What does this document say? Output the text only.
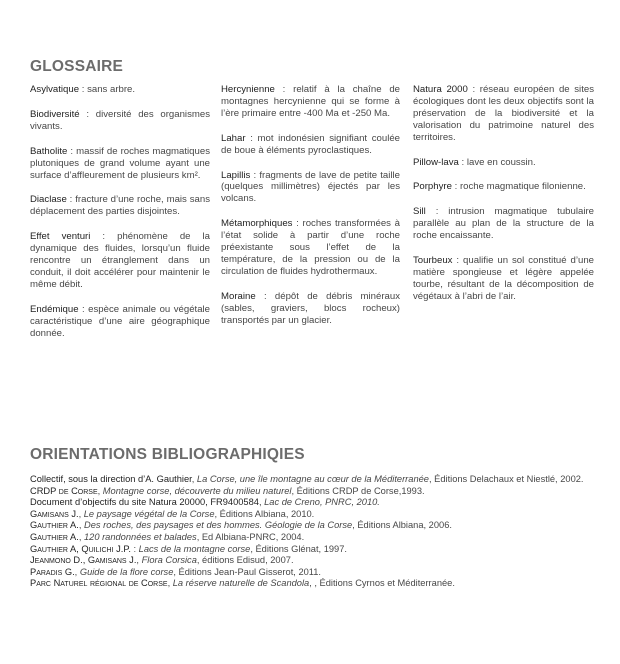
GLOSSAIRE

Asylvatique : sans arbre.

Biodiversité : diversité des organismes vivants.

Batholite : massif de roches magmatiques plutoniques de grand volume ayant une surface d’affleurement de plusieurs km².

Diaclase : fracture d’une roche, mais sans déplacement des parties disjointes.

Effet venturi : phénomène de la dynamique des fluides, lorsqu’un fluide rencontre un étranglement dans un conduit, il doit accélérer pour maintenir le même débit.

Endémique : espèce animale ou végétale caractéristique d’une aire géographique donnée.

Hercynienne : relatif à la chaîne de montagnes hercynienne qui se forme à l’ère primaire entre -400 Ma et -250 Ma.

Lahar : mot indonésien signifiant coulée de boue à éléments pyroclastiques.

Lapillis : fragments de lave de petite taille (quelques millimètres) éjectés par les volcans.

Métamorphiques : roches transformées à l’état solide à partir d’une roche préexistante sous l’effet de la température, de la pression ou de la circulation de fluides hydrothermaux.

Moraine : dépôt de débris minéraux (sables, graviers, blocs rocheux) transportés par un glacier.

Natura 2000 : réseau européen de sites écologiques dont les deux objectifs sont la préservation de la biodiversité et la valorisation du patrimoine naturel des territoires.

Pillow-lava : lave en coussin.

Porphyre : roche magmatique filonienne.

Sill : intrusion magmatique tubulaire parallèle au plan de la structure de la roche encaissante.

Tourbeux : qualifie un sol constitué d’une matière spongieuse et légère appelée tourbe, résultant de la décomposition de végétaux à l’abri de l’air.

ORIENTATIONS BIBLIOGRAPHIQIES
Collectif, sous la direction d’A. Gauthier, La Corse, une île montagne au cœur de la Méditerranée, Éditions Delachaux et Niestlé, 2002.
CRDP de Corse, Montagne corse, découverte du milieu naturel, Éditions CRDP de Corse,1993.
Document d’objectifs du site Natura 20000, FR9400584, Lac de Creno, PNRC, 2010.
Gamisans J., Le paysage végétal de la Corse, Éditions Albiana, 2010.
Gauthier A., Des roches, des paysages et des hommes. Géologie de la Corse, Éditions Albiana, 2006.
Gauthier A., 120 randonnées et balades, Ed Albiana-PNRC, 2004.
Gauthier A, Quilichi J.P. : Lacs de la montagne corse, Éditions Glénat, 1997.
Jeanmono D., Gamisans J., Flora Corsica, éditions Edisud, 2007.
Paradis G., Guide de la flore corse, Éditions Jean-Paul Gisserot, 2011.
Parc Naturel régional de Corse, La réserve naturelle de Scandola, , Éditions Cyrnos et Méditerranée.
